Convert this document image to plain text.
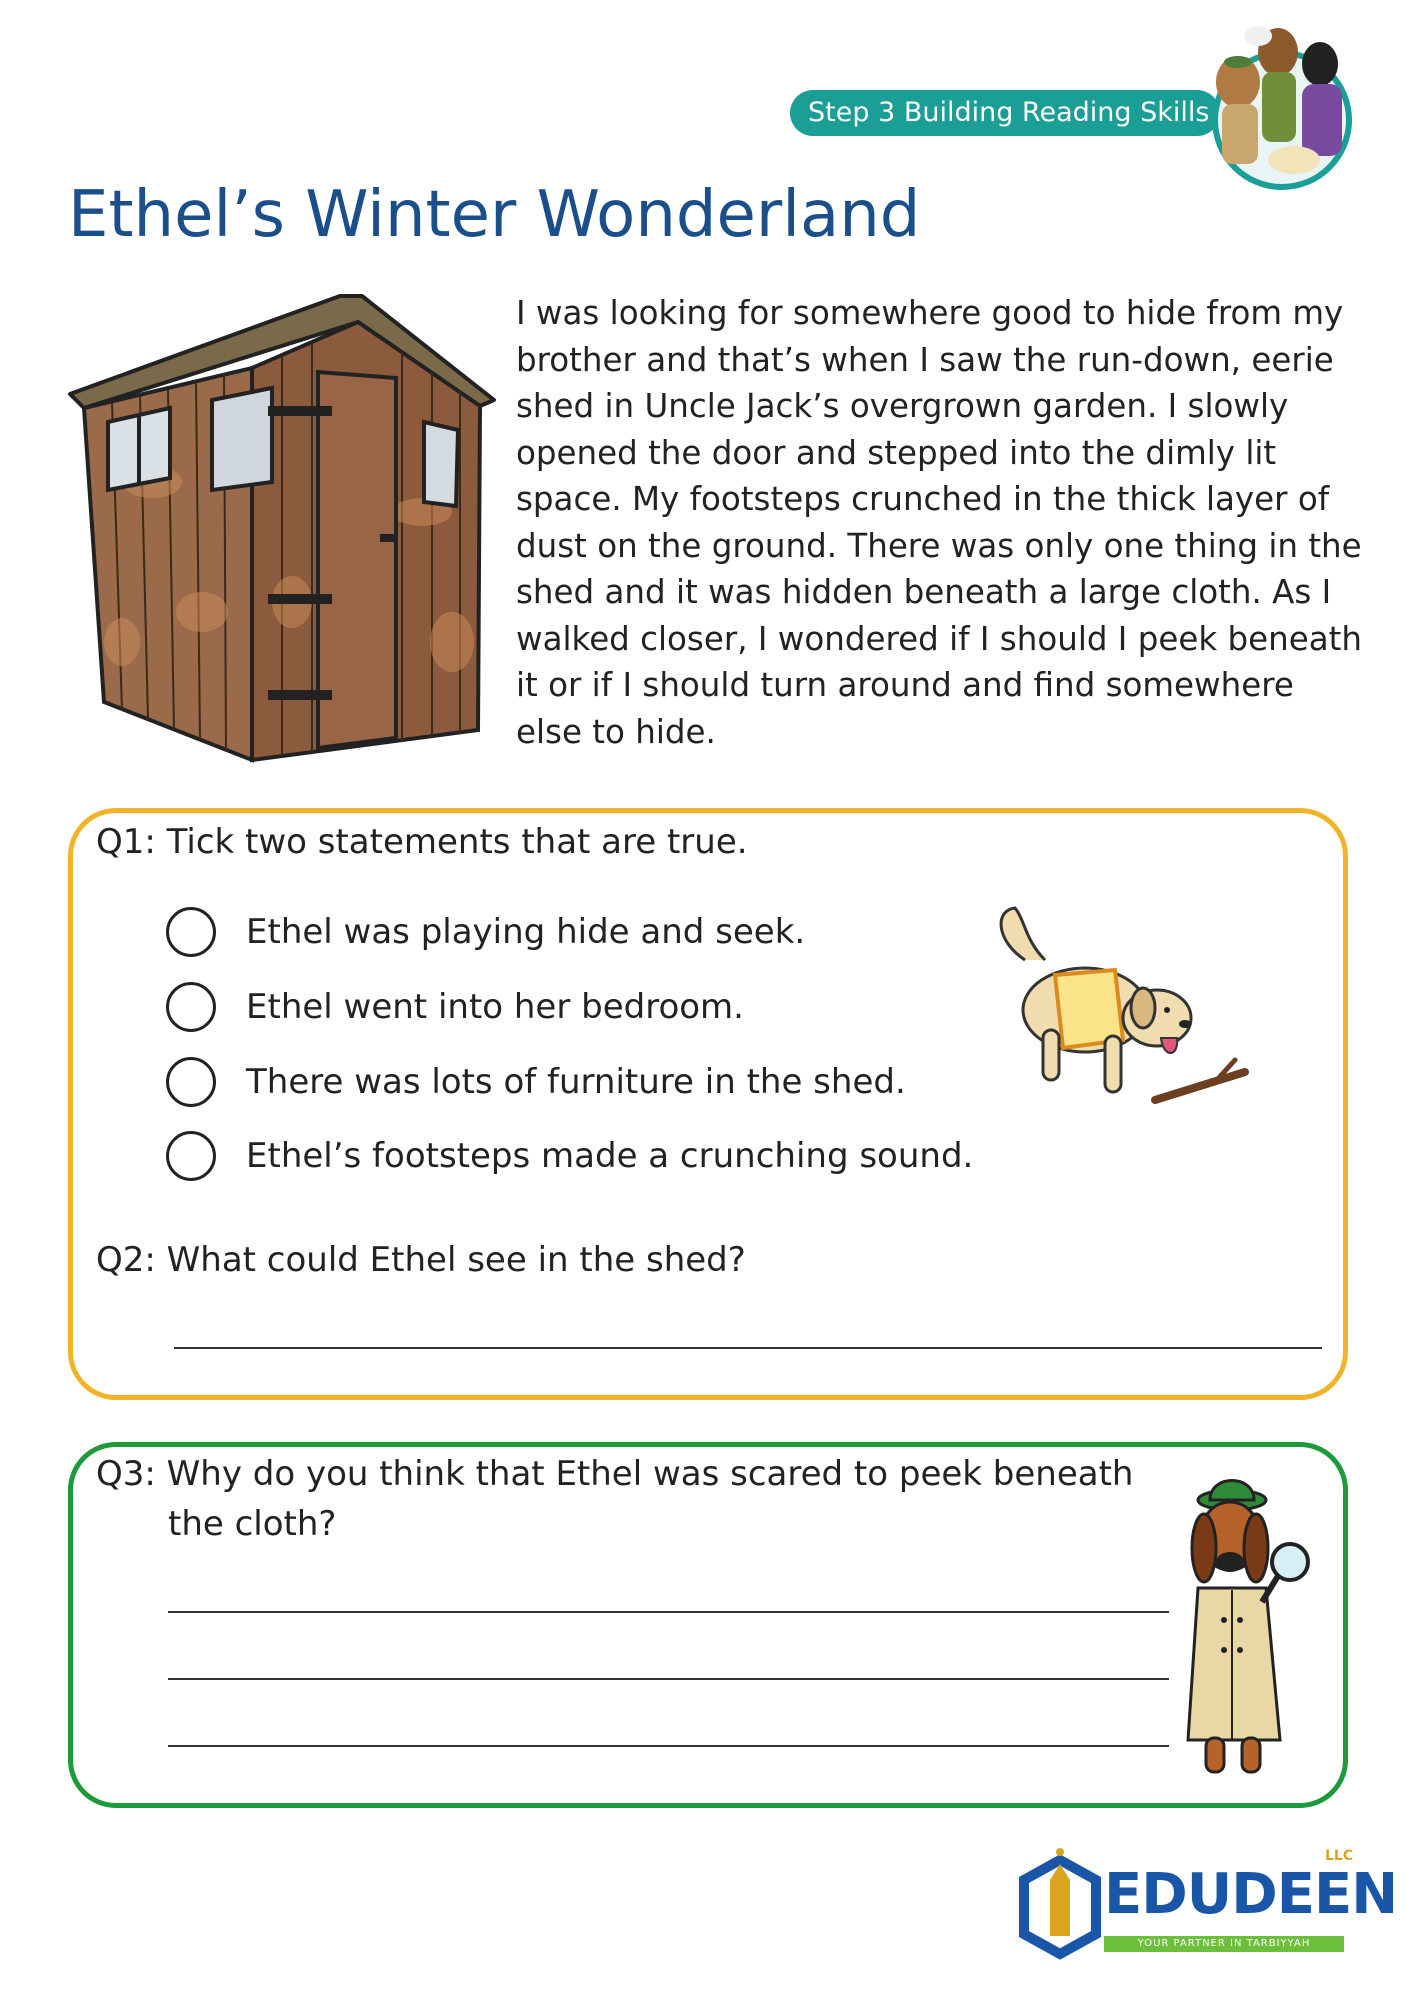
Step 3 Building Reading Skills
Ethel’s Winter Wonderland
I was looking for somewhere good to hide from my
brother and that’s when I saw the run-down, eerie
shed in Uncle Jack’s overgrown garden. I slowly
opened the door and stepped into the dimly lit
space. My footsteps crunched in the thick layer of
dust on the ground. There was only one thing in the
shed and it was hidden beneath a large cloth. As I
walked closer, I wondered if I should I peek beneath
it or if I should turn around and find somewhere
else to hide.
Q1: Tick two statements that are true.
Ethel was playing hide and seek.
Ethel went into her bedroom.
There was lots of furniture in the shed.
Ethel’s footsteps made a crunching sound.
Q2: What could Ethel see in the shed?
Q3: Why do you think that Ethel was scared to peek beneath
the cloth?
EDUDEEN
LLC
YOUR PARTNER IN TARBIYYAH
